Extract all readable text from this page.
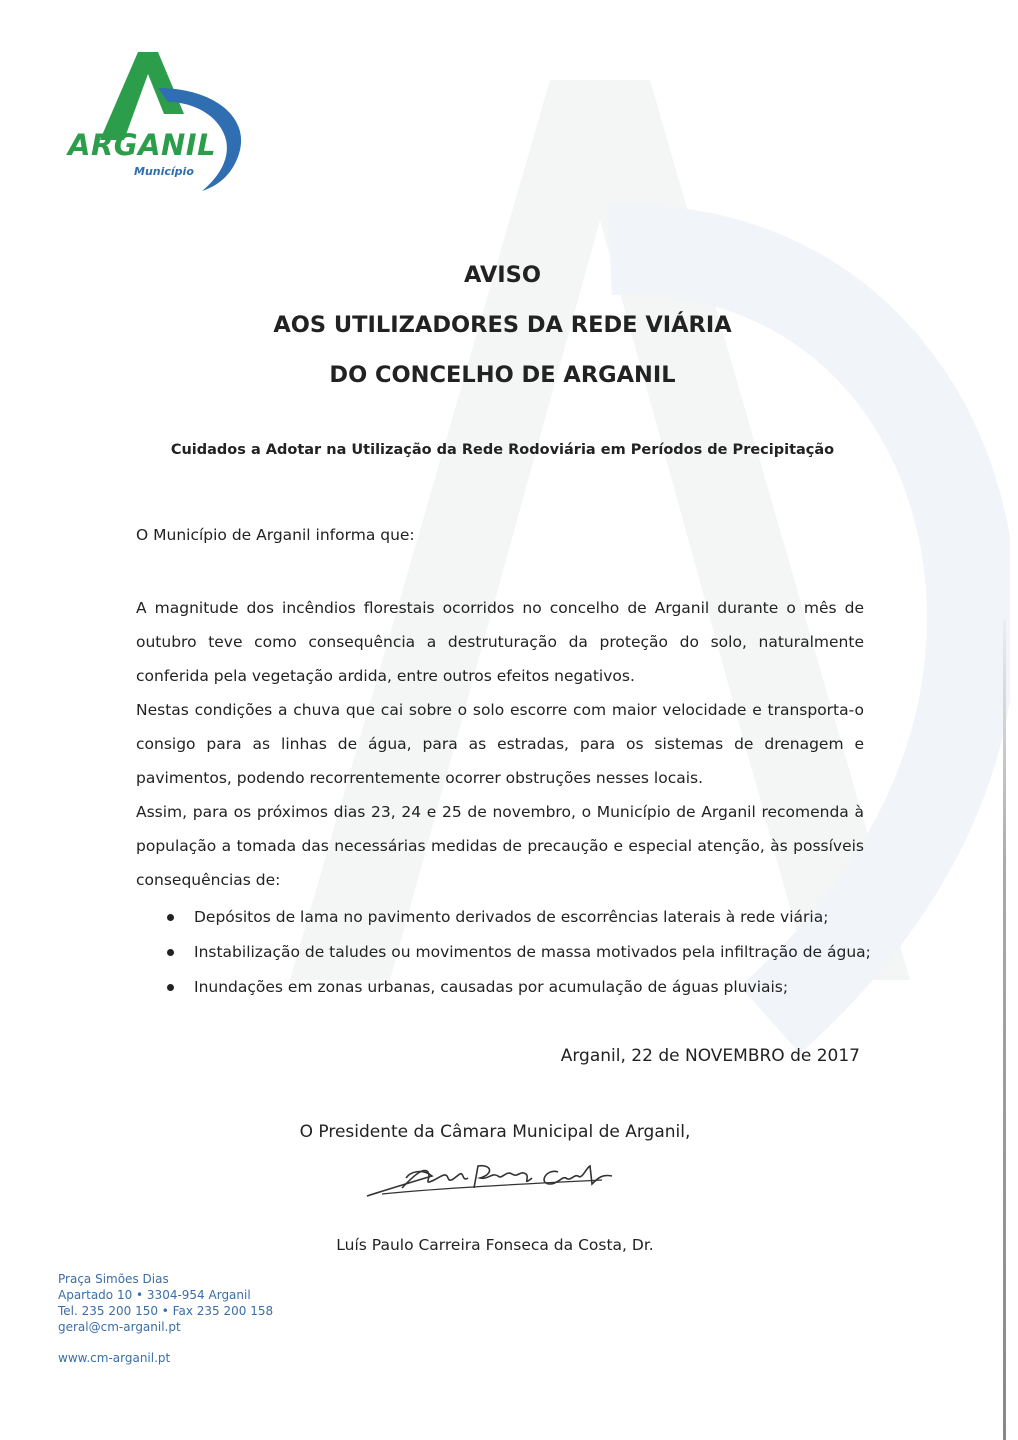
ARGANIL
Município
AVISO
AOS UTILIZADORES DA REDE VIÁRIA
DO CONCELHO DE ARGANIL
Cuidados a Adotar na Utilização da Rede Rodoviária em Períodos de Precipitação
O Município de Arganil informa que:

A magnitude dos incêndios florestais ocorridos no concelho de Arganil durante o mês de outubro teve como consequência a destruturação da proteção do solo, naturalmente conferida pela vegetação ardida, entre outros efeitos negativos.

Nestas condições a chuva que cai sobre o solo escorre com maior velocidade e transporta-o consigo para as linhas de água, para as estradas, para os sistemas de drenagem e pavimentos, podendo recorrentemente ocorrer obstruções nesses locais.

Assim, para os próximos dias 23, 24 e 25 de novembro, o Município de Arganil recomenda à população a tomada das necessárias medidas de precaução e especial atenção, às possíveis consequências de:

Depósitos de lama no pavimento derivados de escorrências laterais à rede viária;
Instabilização de taludes ou movimentos de massa motivados pela infiltração de água;
Inundações em zonas urbanas, causadas por acumulação de águas pluviais;
Arganil, 22 de NOVEMBRO de 2017
O Presidente da Câmara Municipal de Arganil,
Luís Paulo Carreira Fonseca da Costa, Dr.
Praça Simões Dias
Apartado 10 • 3304-954 Arganil
Tel. 235 200 150 • Fax 235 200 158
geral@cm-arganil.pt
www.cm-arganil.pt
